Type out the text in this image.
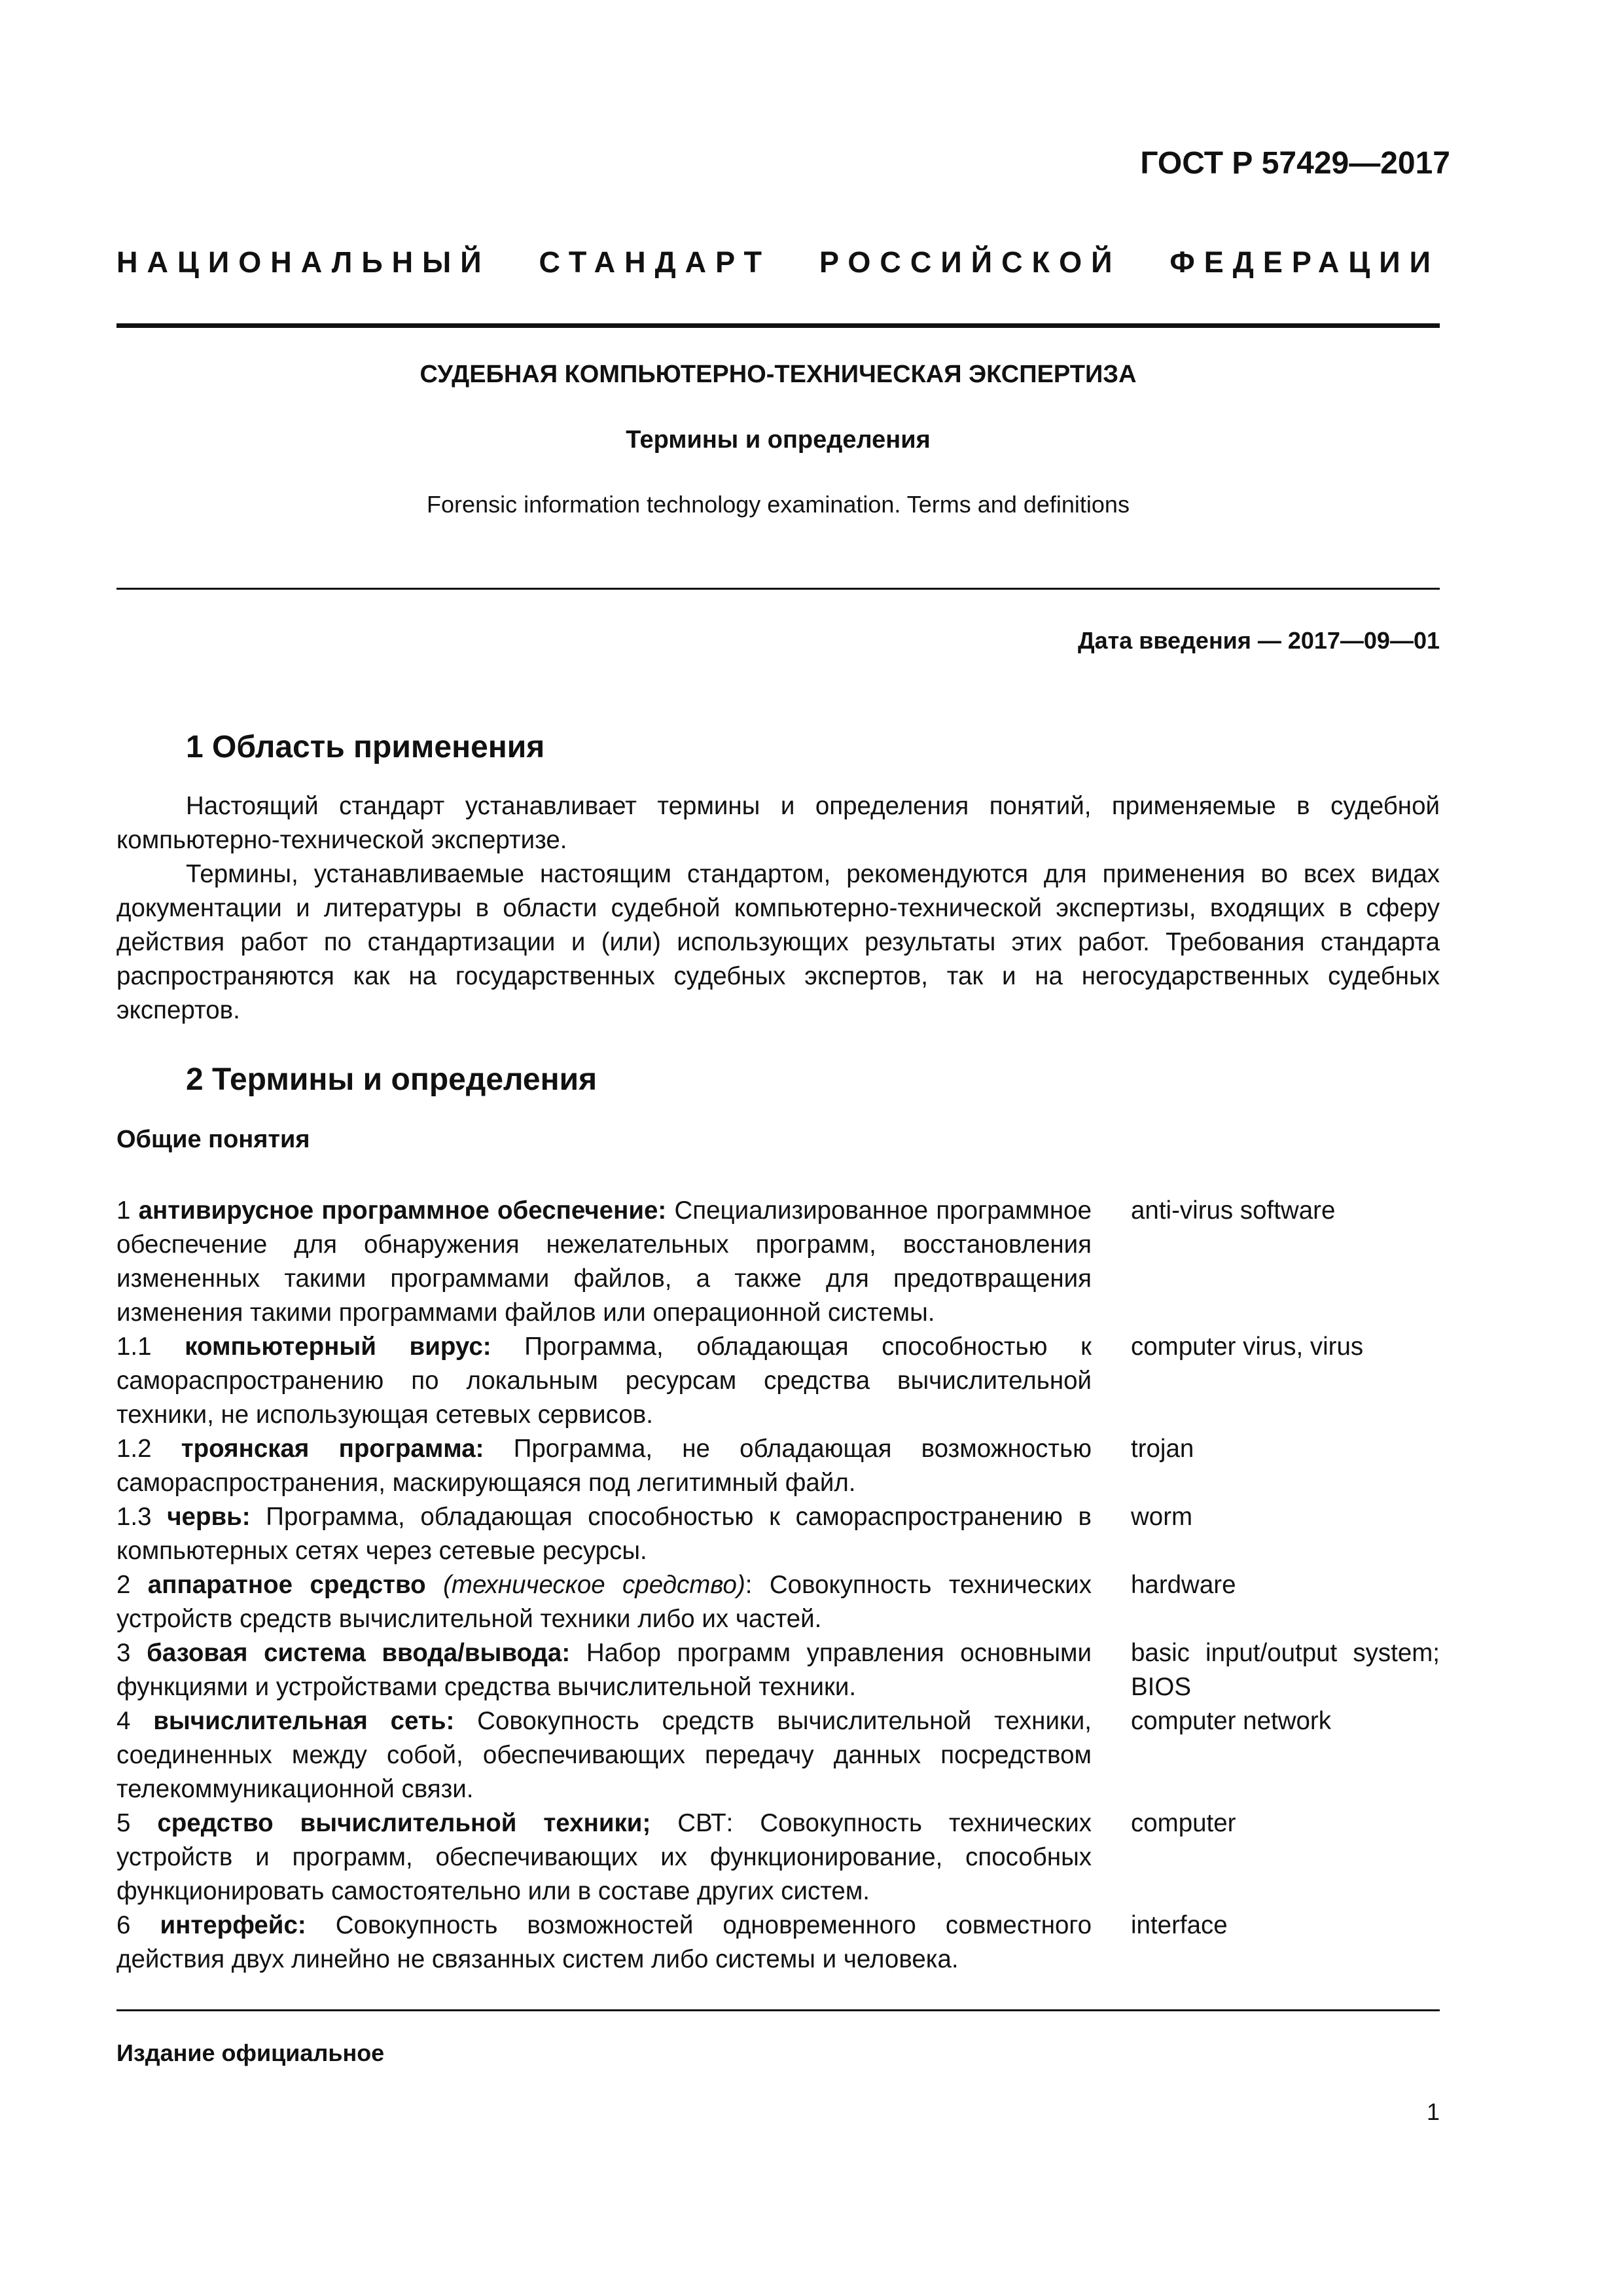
ГОСТ Р 57429—2017
НАЦИОНАЛЬНЫЙ СТАНДАРТ РОССИЙСКОЙ ФЕДЕРАЦИИ
СУДЕБНАЯ КОМПЬЮТЕРНО-ТЕХНИЧЕСКАЯ ЭКСПЕРТИЗА
Термины и определения
Forensic information technology examination. Terms and definitions
Дата введения — 2017—09—01
1 Область применения

Настоящий стандарт устанавливает термины и определения понятий, применяемые в судебной компьютерно-технической экспертизе.

Термины, устанавливаемые настоящим стандартом, рекомендуются для применения во всех видах документации и литературы в области судебной компьютерно-технической экспертизы, входящих в сферу действия работ по стандартизации и (или) использующих результаты этих работ. Требования стандарта распространяются как на государственных судебных экспертов, так и на негосударственных судебных экспертов.

2 Термины и определения
Общие понятия
1 антивирусное программное обеспечение: Специализированное программное обеспечение для обнаружения нежелательных программ, восстановления измененных такими программами файлов, а также для предотвращения изменения такими программами файлов или операционной системы.
anti-virus software
1.1 компьютерный вирус: Программа, обладающая способностью к самораспространению по локальным ресурсам средства вычислительной техники, не использующая сетевых сервисов.
computer virus, virus
1.2 троянская программа: Программа, не обладающая возможностью самораспространения, маскирующаяся под легитимный файл.
trojan
1.3 червь: Программа, обладающая способностью к самораспространению в компьютерных сетях через сетевые ресурсы.
worm
2 аппаратное средство (техническое средство): Совокупность технических устройств средств вычислительной техники либо их частей.
hardware
3 базовая система ввода/вывода: Набор программ управления основными функциями и устройствами средства вычислительной техники.
basic input/output system; BIOS
4 вычислительная сеть: Совокупность средств вычислительной техники, соединенных между собой, обеспечивающих передачу данных посредством телекоммуникационной связи.
computer network
5 средство вычислительной техники; СВТ: Совокупность технических устройств и программ, обеспечивающих их функционирование, способных функционировать самостоятельно или в составе других систем.
computer
6 интерфейс: Совокупность возможностей одновременного совместного действия двух линейно не связанных систем либо системы и человека.
interface
Издание официальное
1
